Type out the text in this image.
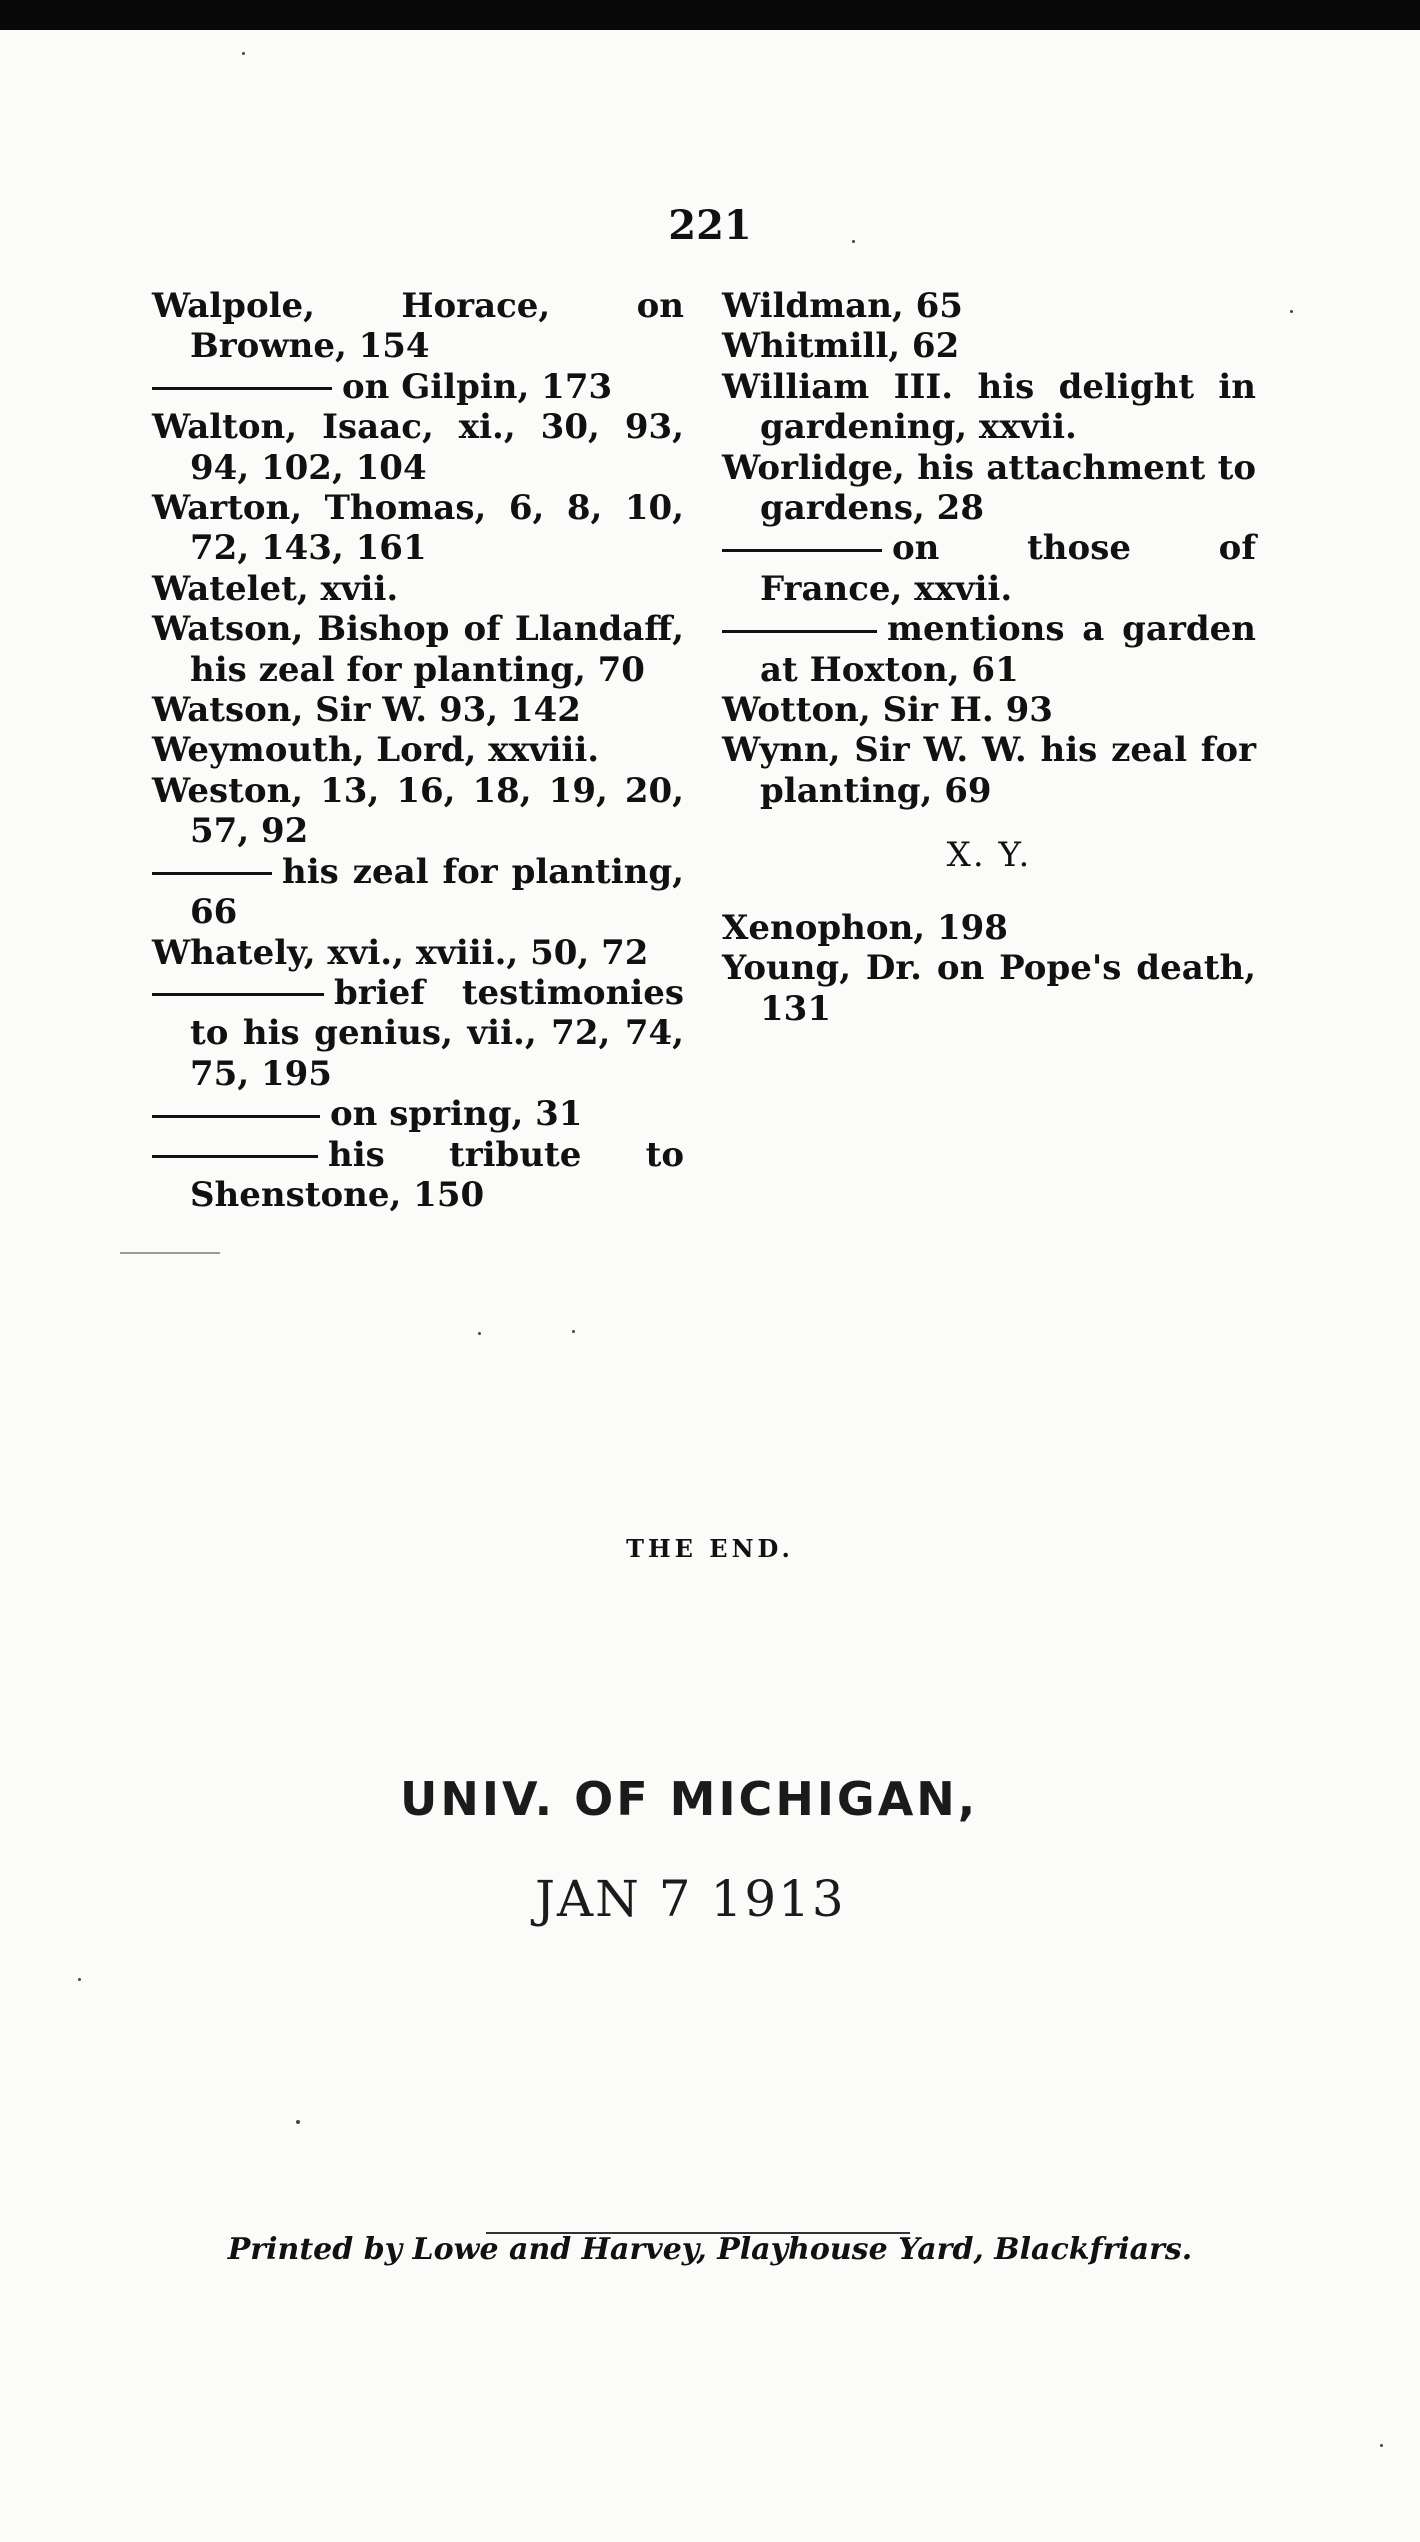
221
Walpole, Horace, on Browne, 154
on Gilpin, 173
Walton, Isaac, xi., 30, 93, 94, 102, 104
Warton, Thomas, 6, 8, 10, 72, 143, 161
Watelet, xvii.
Watson, Bishop of Llandaff, his zeal for planting, 70
Watson, Sir W. 93, 142
Weymouth, Lord, xxviii.
Weston, 13, 16, 18, 19, 20, 57, 92
his zeal for planting, 66
Whately, xvi., xviii., 50, 72
brief testimonies to his genius, vii., 72, 74, 75, 195
on spring, 31
his tribute to Shenstone, 150
Wildman, 65
Whitmill, 62
William III. his delight in gardening, xxvii.
Worlidge, his attachment to gardens, 28
on those of France, xxvii.
mentions a garden at Hoxton, 61
Wotton, Sir H. 93
Wynn, Sir W. W. his zeal for planting, 69
X. Y.
Xenophon, 198
Young, Dr. on Pope's death, 131
THE END.
UNIV. OF MICHIGAN,
JAN 7 1913
Printed by Lowe and Harvey, Playhouse Yard, Blackfriars.
